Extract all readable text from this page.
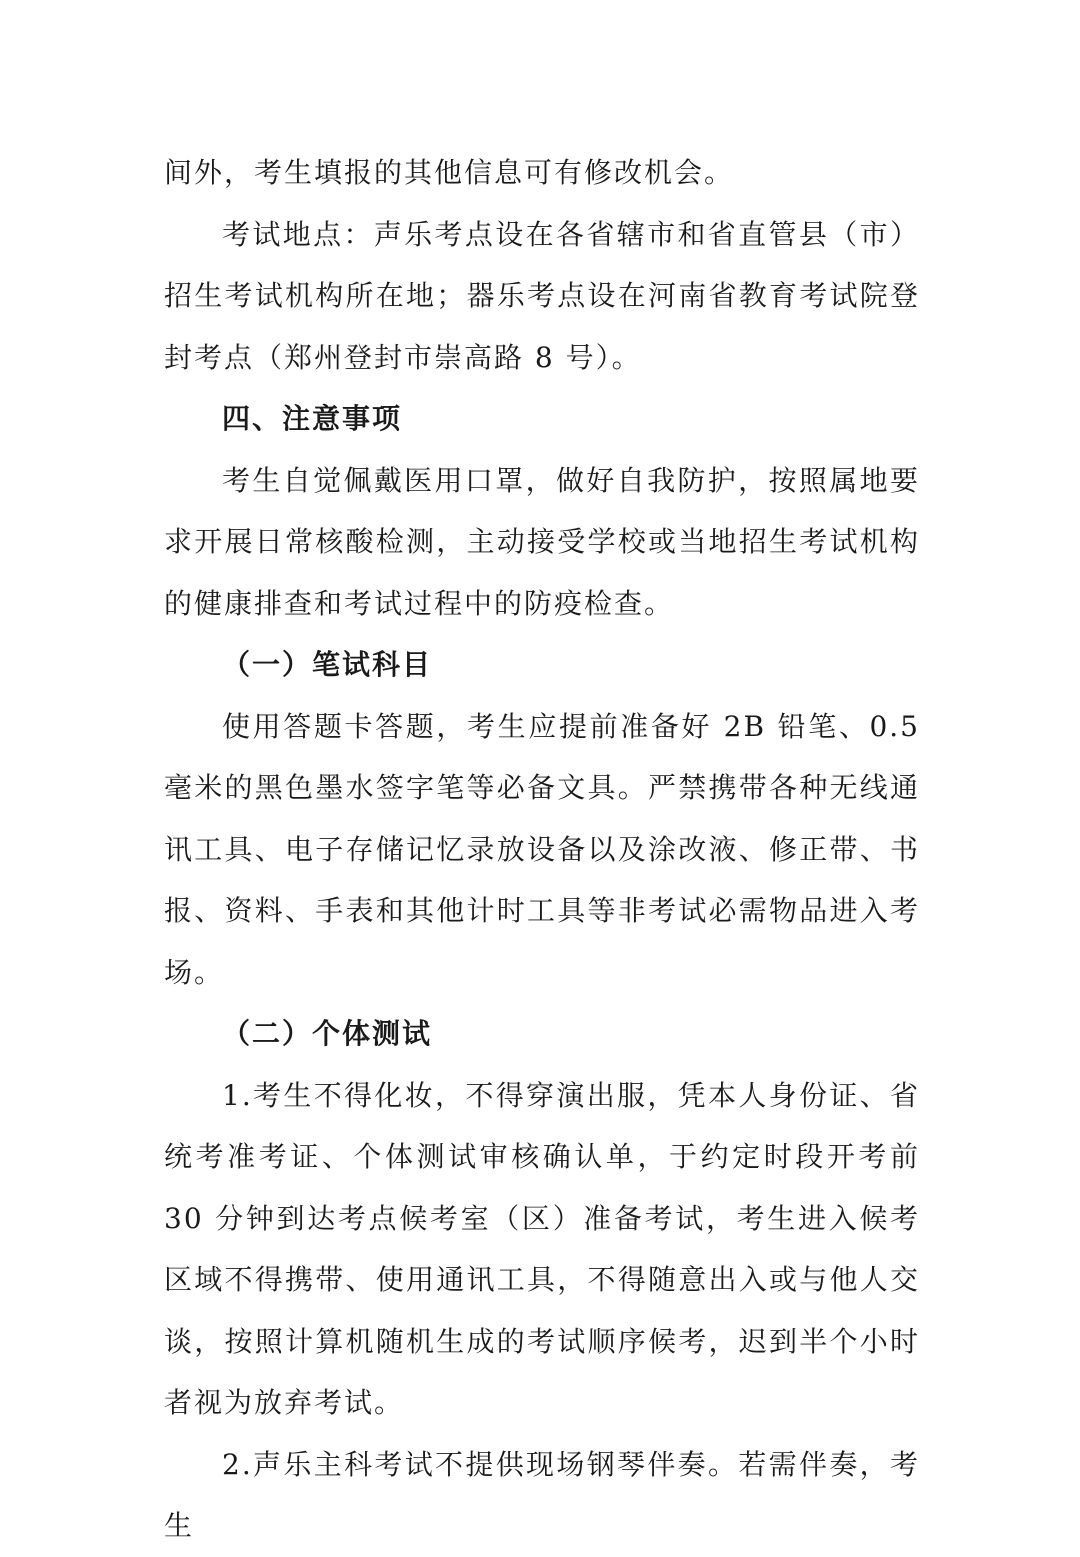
间外，考生填报的其他信息可有修改机会。

考试地点：声乐考点设在各省辖市和省直管县（市）招生考试机构所在地；器乐考点设在河南省教育考试院登封考点（郑州登封市崇高路 8 号）。

四、注意事项

考生自觉佩戴医用口罩，做好自我防护，按照属地要求开展日常核酸检测，主动接受学校或当地招生考试机构的健康排查和考试过程中的防疫检查。

（一）笔试科目

使用答题卡答题，考生应提前准备好 2B 铅笔、0.5 毫米的黑色墨水签字笔等必备文具。严禁携带各种无线通讯工具、电子存储记忆录放设备以及涂改液、修正带、书报、资料、手表和其他计时工具等非考试必需物品进入考场。

（二）个体测试

1.考生不得化妆，不得穿演出服，凭本人身份证、省统考准考证、个体测试审核确认单，于约定时段开考前 30 分钟到达考点候考室（区）准备考试，考生进入候考区域不得携带、使用通讯工具，不得随意出入或与他人交谈，按照计算机随机生成的考试顺序候考，迟到半个小时者视为放弃考试。

2.声乐主科考试不提供现场钢琴伴奏。若需伴奏，考生
